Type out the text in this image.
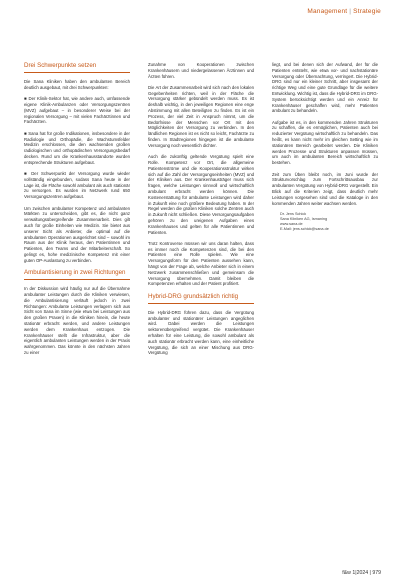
Management | Strategie
Drei Schwerpunkte setzen

Die Sana Kliniken haben den ambulanten Bereich deutlich ausgebaut, mit drei Schwerpunkten:

■ Der Klinik-Sektor hat, wie andere auch, umfassende eigene Klinik-Ambulanzen oder Versorgungszentren (MVZ) aufgebaut – in besonderer Weise bei der regionalen Versorgung – mit vielen Fachärztinnen und Fachärzten.

■ Sana hat für große Indikationen, insbesondere in der Radiologie und Orthopädie, die Wachstumsfelder Medizin erschlossen, die den wachsenden großen radiologischen und orthopädischen Versorgungsbedarf decken. Rund um die Krankenhausstandorte wurden entsprechende Strukturen aufgebaut.

■ Der Schwerpunkt der Versorgung wurde wieder vollständig eingebunden, sodass Sana heute in der Lage ist, die Fläche sowohl ambulant als auch stationär zu versorgen. Es wurden im Netzwerk rund 650 Versorgungszentren aufgebaut.

Um zwischen ambulanter Kompetenz und ambulanten Märkten zu unterscheiden, gibt es, die nicht ganz verwaltungsübergreifende Zusammenarbeit. Dies gilt auch für große Einheiten wie Medizin. Sie bietet aus unserer Sicht als Anbieter, die optimal auf die ambulanten Operationen ausgerichtet sind – sowohl im Raum aus der Klinik heraus, den Patientinnen und Patienten, den Teams und der Mitarbeiterschaft. So gelingt es, hohe medizinische Kompetenz mit einer guten OP-Auslastung zu verbinden.

Ambulantisierung in zwei Richtungen

In der Diskussion wird häufig nur auf die Übernahme ambulanter Leistungen durch die Kliniken verwiesen, die Ambulantisierung verläuft jedoch in zwei Richtungen: Ambulante Leistungen verlagern sich aus Sicht von Sana im Sinne (wie etwa bei Leistungen aus den großen Praxen) in die Kliniken hinein, die heute stationär erbracht werden, und andere Leistungen werden dem Krankenhaus entzogen. Die Krankenhäuser stellt die Infrastruktur, aber die eigentlich ambulanten Leistungen werden in der Praxis wahrgenommen. Das könnte in den nächsten Jahren zu einer

Zunahme von Kooperationen zwischen Krankenhäusern und niedergelassenen Ärztinnen und Ärzten führen.

Die Art der Zusammenarbeit wird sich nach den lokalen Gegebenheiten richten, weil in der Fläche die Versorgung stärker gebündelt werden muss. Es ist deshalb wichtig, in den jeweiligen Regionen eine enge Abstimmung mit allen Beteiligten zu finden. Es ist ein Prozess, der viel Zeit in Anspruch nimmt, um die Bedürfnisse der Menschen vor Ort mit den Möglichkeiten der Versorgung zu verbinden. In den ländlichen Regionen ist es nicht so leicht, Fachärzte zu finden. In Stadtregionen hingegen ist die ambulante Versorgung noch wesentlich dichter.

Auch die zukünftig geltende Vergütung spielt eine Rolle. Kompetenz vor Ort, die allgemeine Patientenströme und die Kooperationsstruktur wirken sich auf die Zahl der Versorgungseinheiten (MVZ) und der Kliniken aus. Der Krankenhausträger muss sich fragen, welche Leistungen sinnvoll und wirtschaftlich ambulant erbracht werden können. Die Kostenerstattung für ambulante Leistungen wird daher in Zukunft eine noch größere Bedeutung haben. In der Regel werden die großen Kliniken solche Zentren auch in Zukunft nicht schließen. Diese Versorgungsaufgaben gehören zu den ureigenen Aufgaben eines Krankenhauses und gelten für alle Patientinnen und Patienten.

Trotz Kontroverse müssen wir uns daran halten, dass es immer noch die Kompetenzen sind, die bei den Patienten eine Rolle spielen. Wie eine Versorgungsform für den Patienten aussehen kann, hängt von der Frage ab, welche Anbieter sich in einem Netzwerk zusammenschließen und gemeinsam die Versorgung übernehmen. Damit bleiben die Kompetenzen erhalten und der Patient profitiert.

Hybrid-DRG grundsätzlich richtig

Die Hybrid-DRG führen dazu, dass die Vergütung ambulanter und stationärer Leistungen angeglichen wird. Dabei werden die Leistungen sektorenübergreifend vergütet. Die Krankenhäuser erhalten für eine Leistung, die sowohl ambulant als auch stationär erbracht werden kann, eine einheitliche Vergütung, die sich an einer Mischung aus DRG-Vergütung

liegt, und bei denen sich der Aufwand, der für die Patienten entsteht, wie etwa vor- und nachstationäre Versorgung oder Übernachtung, verringert. Die Hybrid-DRG sind nur ein kleiner Schritt, aber insgesamt der richtige Weg und eine gute Grundlage für die weitere Entwicklung. Wichtig ist, dass die Hybrid-DRG im DRG-System berücksichtigt werden und ein Anreiz für Krankenhäuser geschaffen wird, mehr Patienten ambulant zu behandeln.

Aufgabe ist es, in den kommenden Jahren Strukturen zu schaffen, die es ermöglichen, Patienten auch bei reduzierter Vergütung wirtschaftlich zu behandeln. Das heißt, es kann nicht mehr im gleichen Setting wie im stationären Bereich gearbeitet werden. Die Kliniken werden Prozesse und Strukturen anpassen müssen, um auch im ambulanten Bereich wirtschaftlich zu bestehen.

Zeit zum Üben bleibt noch, im Juni wurde der Strukturvorschlag zum Fortschrittsausbau zur ambulanten Vergütung von Hybrid-DRG vorgestellt. Ein Blick auf die Kriterien zeigt, dass deutlich mehr Leistungen vorgesehen sind und die Kataloge in den kommenden Jahren weiter wachsen werden.

Dr. Jens Schick
Sana Kliniken AG, Ismaning
www.sana.de
E-Mail: jens.schick@sana.de

f&w 1|2024 | 979
